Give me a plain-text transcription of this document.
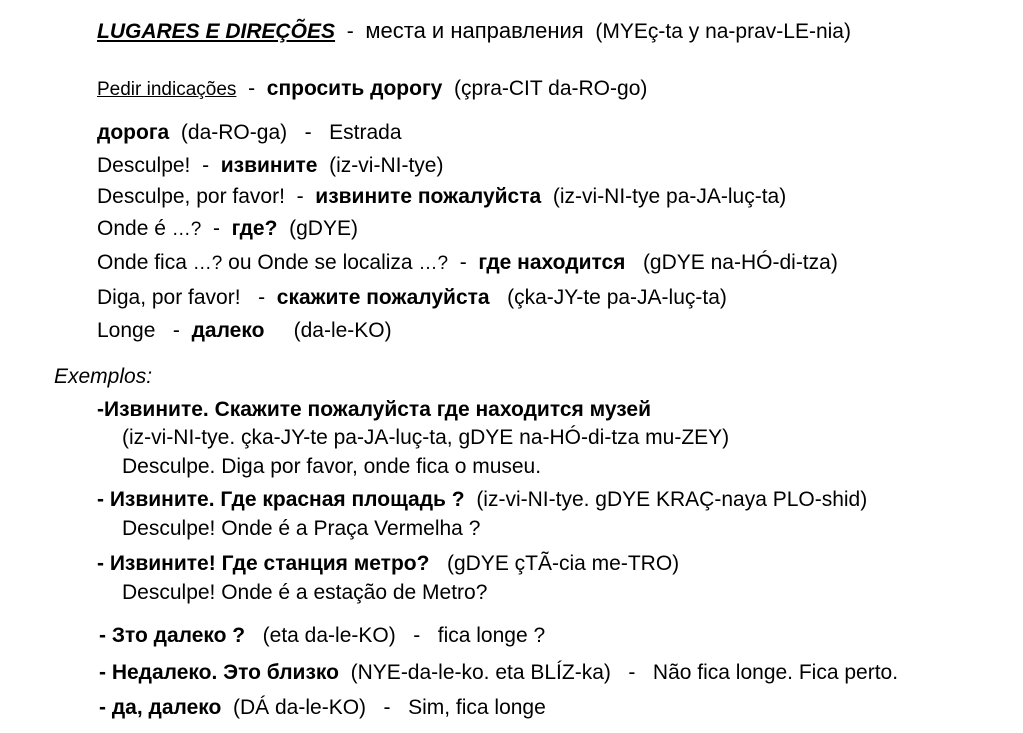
LUGARES E DIREÇÕES - места и направления (MYEç-ta y na-prav-LE-nia)
Pedir indicações - спросить дорогу (çpra-CIT da-RO-go)
дорога (da-RO-ga) - Estrada
Desculpe! - извините (iz-vi-NI-tye)
Desculpe, por favor! - извините пожалуйста (iz-vi-NI-tye pa-JA-luç-ta)
Onde é …? - где? (gDYE)
Onde fica …? ou Onde se localiza …? - где находится (gDYE na-HÓ-di-tza)
Diga, por favor! - скажите пожалуйста (çka-JY-te pa-JA-luç-ta)
Longe - далеко (da-le-KO)
Exemplos:
-Извините. Скажите пожалуйста где находится музей
(iz-vi-NI-tye. çka-JY-te pa-JA-luç-ta, gDYE na-HÓ-di-tza mu-ZEY)
Desculpe. Diga por favor, onde fica o museu.
- Извините. Где красная площадь ? (iz-vi-NI-tye. gDYE KRAÇ-naya PLO-shid)
Desculpe! Onde é a Praça Vermelha ?
- Извините! Где станция метро? (gDYE çTÃ-cia me-TRO)
Desculpe! Onde é a estação de Metro?
- Зто далеко ? (eta da-le-KO) - fica longe ?
- Недалеко. Это близко (NYE-da-le-ko. eta BLÍZ-ka) - Não fica longe. Fica perto.
- да, далеко (DÁ da-le-KO) - Sim, fica longe
